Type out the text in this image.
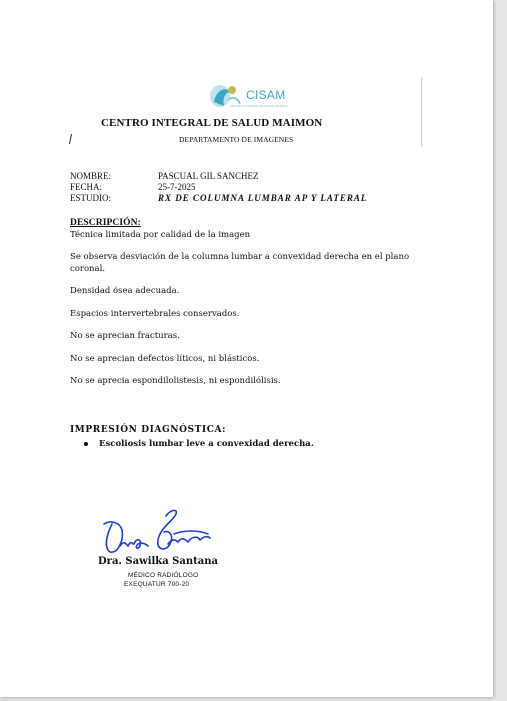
CISAM
CENTRO INTEGRAL DE SALUD MAIMON
CENTRO INTEGRAL DE SALUD MAIMON
DEPARTAMENTO DE IMAGENES
NOMBRE:	PASCUAL GIL SANCHEZ
FECHA:	25-7-2025
ESTUDIO:	RX DE COLUMNA LUMBAR AP Y LATERAL
DESCRIPCIÓN:

Técnica limitada por calidad de la imagen

Se observa desviación de la columna lumbar a convexidad derecha en el plano coronal.

Densidad ósea adecuada.

Espacios intervertebrales conservados.

No se aprecian fracturas.

No se aprecian defectos líticos, ni blásticos.

No se aprecia espondilolistesis, ni espondilólisis.

IMPRESIÓN DIAGNÓSTICA:
Escoliosis lumbar leve a convexidad derecha.
Dra. Sawilka Santana
MÉDICO RADIÓLOGO
EXEQUATUR 700-20
